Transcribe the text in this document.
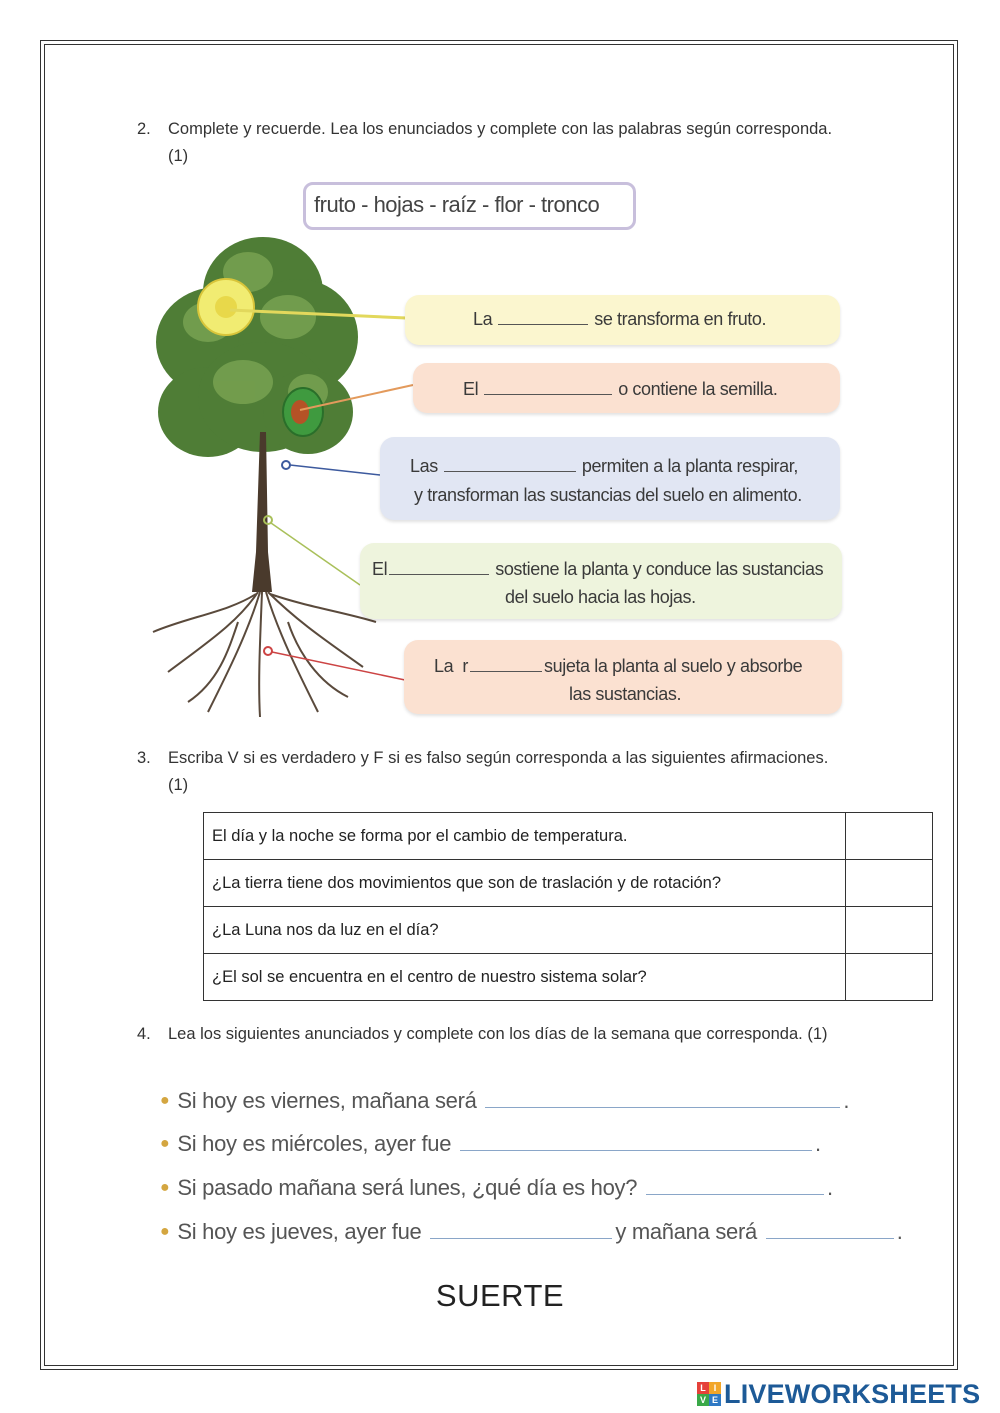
2. Complete y recuerde. Lea los enunciados y complete con las palabras según corresponda. (1)
fruto - hojas - raíz - flor - tronco
La	se transforma en fruto.
El	o contiene la semilla.
Las	permiten a la planta respirar,
y transforman las sustancias del suelo en alimento.
El	sostiene la planta y conduce las sustancias
del suelo hacia las hojas.
La  r	sujeta la planta al suelo y absorbe
las sustancias.
3. Escriba V si es verdadero y F si es falso según corresponda a las siguientes afirmaciones. (1)
El día y la noche se forma por el cambio de temperatura.	
¿La tierra tiene dos movimientos que son de traslación y de rotación?	
¿La Luna nos da luz en el día?	
¿El sol se encuentra en el centro de nuestro sistema solar?	
4. Lea los siguientes anunciados y complete con los días de la semana que corresponda. (1)
● Si hoy es viernes, mañana será	.
● Si hoy es miércoles, ayer fue	.
● Si pasado mañana será lunes, ¿qué día es hoy?	.
● Si hoy es jueves, ayer fue	y mañana será	.
SUERTE
L I
V E LIVEWORKSHEETS
